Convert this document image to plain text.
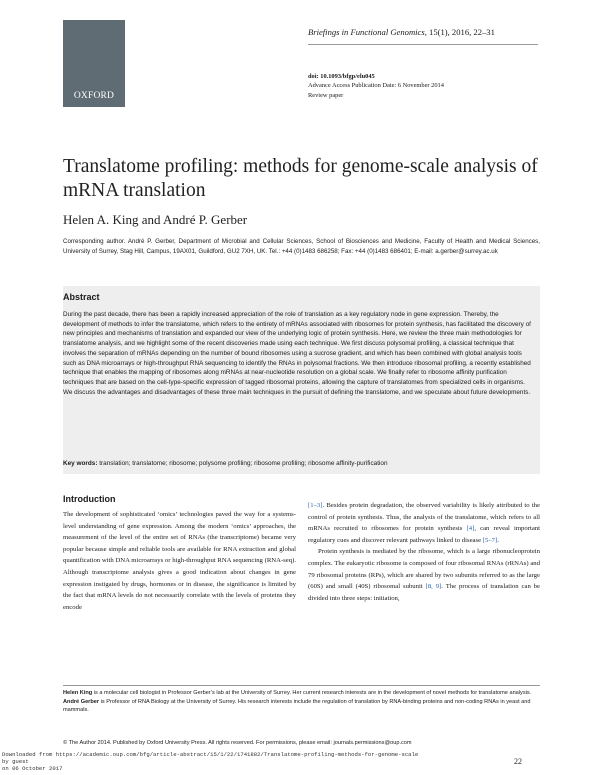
OXFORD
Briefings in Functional Genomics, 15(1), 2016, 22–31
doi: 10.1093/bfgp/elu045
Advance Access Publication Date: 6 November 2014
Review paper
Translatome profiling: methods for genome-scale analysis of mRNA translation
Helen A. King and André P. Gerber
Corresponding author. André P. Gerber, Department of Microbial and Cellular Sciences, School of Biosciences and Medicine, Faculty of Health and Medical Sciences, University of Surrey, Stag Hill, Campus, 19AX01, Guildford, GU2 7XH, UK. Tel.: +44 (0)1483 686258; Fax: +44 (0)1483 686401; E-mail: a.gerber@surrey.ac.uk
Abstract
During the past decade, there has been a rapidly increased appreciation of the role of translation as a key regulatory node in gene expression. Thereby, the development of methods to infer the translatome, which refers to the entirety of mRNAs associated with ribosomes for protein synthesis, has facilitated the discovery of new principles and mechanisms of translation and expanded our view of the underlying logic of protein synthesis. Here, we review the three main methodologies for translatome analysis, and we highlight some of the recent discoveries made using each technique. We first discuss polysomal profiling, a classical technique that involves the separation of mRNAs depending on the number of bound ribosomes using a sucrose gradient, and which has been combined with global analysis tools such as DNA microarrays or high-throughput RNA sequencing to identify the RNAs in polysomal fractions. We then introduce ribosomal profiling, a recently established technique that enables the mapping of ribosomes along mRNAs at near-nucleotide resolution on a global scale. We finally refer to ribosome affinity purification techniques that are based on the cell-type-specific expression of tagged ribosomal proteins, allowing the capture of translatomes from specialized cells in organisms. We discuss the advantages and disadvantages of these three main techniques in the pursuit of defining the translatome, and we speculate about future developments.
Key words: translation; translatome; ribosome; polysome profiling; ribosome profiling; ribosome affinity-purification
Introduction

The development of sophisticated ‘omics’ technologies paved the way for a systems-level understanding of gene expression. Among the modern ‘omics’ approaches, the measurement of the level of the entire set of RNAs (the transcriptome) became very popular because simple and reliable tools are available for RNA extraction and global quantification with DNA microarrays or high-throughput RNA sequencing (RNA-seq). Although transcriptome analysis gives a good indication about changes in gene expression instigated by drugs, hormones or in disease, the significance is limited by the fact that mRNA levels do not necessarily correlate with the levels of proteins they encode

[1–3]. Besides protein degradation, the observed variability is likely attributed to the control of protein synthesis. Thus, the analysis of the translatome, which refers to all mRNAs recruited to ribosomes for protein synthesis [4], can reveal important regulatory cues and discover relevant pathways linked to disease [5–7].

Protein synthesis is mediated by the ribosome, which is a large ribonucleoprotein complex. The eukaryotic ribosome is composed of four ribosomal RNAs (rRNAs) and 79 ribosomal proteins (RPs), which are shared by two subunits referred to as the large (60S) and small (40S) ribosomal subunit [8, 9]. The process of translation can be divided into three steps: initiation,

Helen King is a molecular cell biologist in Professor Gerber’s lab at the University of Surrey. Her current research interests are in the development of novel methods for translatome analysis.
André Gerber is Professor of RNA Biology at the University of Surrey. His research interests include the regulation of translation by RNA-binding proteins and non-coding RNAs in yeast and mammals.
© The Author 2014. Published by Oxford University Press. All rights reserved. For permissions, please email: journals.permissions@oup.com
22
Downloaded from https://academic.oup.com/bfg/article-abstract/15/1/22/1741882/Translatome-profiling-methods-for-genome-scale
by guest
on 06 October 2017
